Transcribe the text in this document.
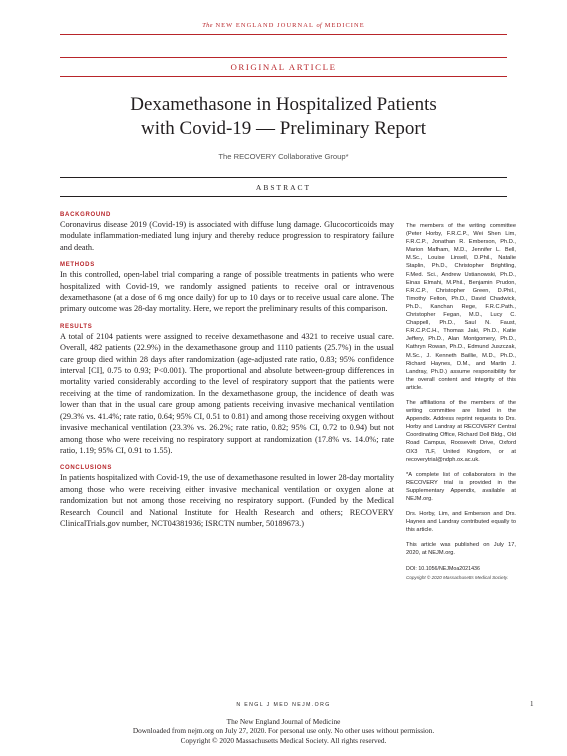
The NEW ENGLAND JOURNAL of MEDICINE
ORIGINAL ARTICLE
Dexamethasone in Hospitalized Patients
with Covid-19 — Preliminary Report
The RECOVERY Collaborative Group*
ABSTRACT
BACKGROUND

Coronavirus disease 2019 (Covid-19) is associated with diffuse lung damage. Glucocorticoids may modulate inflammation-mediated lung injury and thereby reduce progression to respiratory failure and death.

METHODS

In this controlled, open-label trial comparing a range of possible treatments in patients who were hospitalized with Covid-19, we randomly assigned patients to receive oral or intravenous dexamethasone (at a dose of 6 mg once daily) for up to 10 days or to receive usual care alone. The primary outcome was 28-day mortality. Here, we report the preliminary results of this comparison.

RESULTS

A total of 2104 patients were assigned to receive dexamethasone and 4321 to receive usual care. Overall, 482 patients (22.9%) in the dexamethasone group and 1110 patients (25.7%) in the usual care group died within 28 days after randomization (age-adjusted rate ratio, 0.83; 95% confidence interval [CI], 0.75 to 0.93; P<0.001). The proportional and absolute between-group differences in mortality varied considerably according to the level of respiratory support that the patients were receiving at the time of randomization. In the dexamethasone group, the incidence of death was lower than that in the usual care group among patients receiving invasive mechanical ventilation (29.3% vs. 41.4%; rate ratio, 0.64; 95% CI, 0.51 to 0.81) and among those receiving oxygen without invasive mechanical ventilation (23.3% vs. 26.2%; rate ratio, 0.82; 95% CI, 0.72 to 0.94) but not among those who were receiving no respiratory support at randomization (17.8% vs. 14.0%; rate ratio, 1.19; 95% CI, 0.91 to 1.55).

CONCLUSIONS

In patients hospitalized with Covid-19, the use of dexamethasone resulted in lower 28-day mortality among those who were receiving either invasive mechanical ventilation or oxygen alone at randomization but not among those receiving no respiratory support. (Funded by the Medical Research Council and National Institute for Health Research and others; RECOVERY ClinicalTrials.gov number, NCT04381936; ISRCTN number, 50189673.)

The members of the writing committee (Peter Horby, F.R.C.P., Wei Shen Lim, F.R.C.P., Jonathan R. Emberson, Ph.D., Marion Mafham, M.D., Jennifer L. Bell, M.Sc., Louise Linsell, D.Phil., Natalie Staplin, Ph.D., Christopher Brightling, F.Med. Sci., Andrew Ustianowski, Ph.D., Einas Elmahi, M.Phil., Benjamin Prudon, F.R.C.P., Christopher Green, D.Phil., Timothy Felton, Ph.D., David Chadwick, Ph.D., Kanchan Rege, F.R.C.Path., Christopher Fegan, M.D., Lucy C. Chappell, Ph.D., Saul N. Faust, F.R.C.P.C.H., Thomas Jaki, Ph.D., Katie Jeffery, Ph.D., Alan Montgomery, Ph.D., Kathryn Rowan, Ph.D., Edmund Juszczak, M.Sc., J. Kenneth Baillie, M.D., Ph.D., Richard Haynes, D.M., and Martin J. Landray, Ph.D.) assume responsibility for the overall content and integrity of this article.

The affiliations of the members of the writing committee are listed in the Appendix. Address reprint requests to Drs. Horby and Landray at RECOVERY Central Coordinating Office, Richard Doll Bldg., Old Road Campus, Roosevelt Drive, Oxford OX3 7LF, United Kingdom, or at recoverytrial@ndph.ox.ac.uk.

*A complete list of collaborators in the RECOVERY trial is provided in the Supplementary Appendix, available at NEJM.org.

Drs. Horby, Lim, and Emberson and Drs. Haynes and Landray contributed equally to this article.

This article was published on July 17, 2020, at NEJM.org.

DOI: 10.1056/NEJMoa2021436

Copyright © 2020 Massachusetts Medical Society.

N ENGL J MED NEJM.ORG	1
The New England Journal of Medicine
Downloaded from nejm.org on July 27, 2020. For personal use only. No other uses without permission.
Copyright © 2020 Massachusetts Medical Society. All rights reserved.
